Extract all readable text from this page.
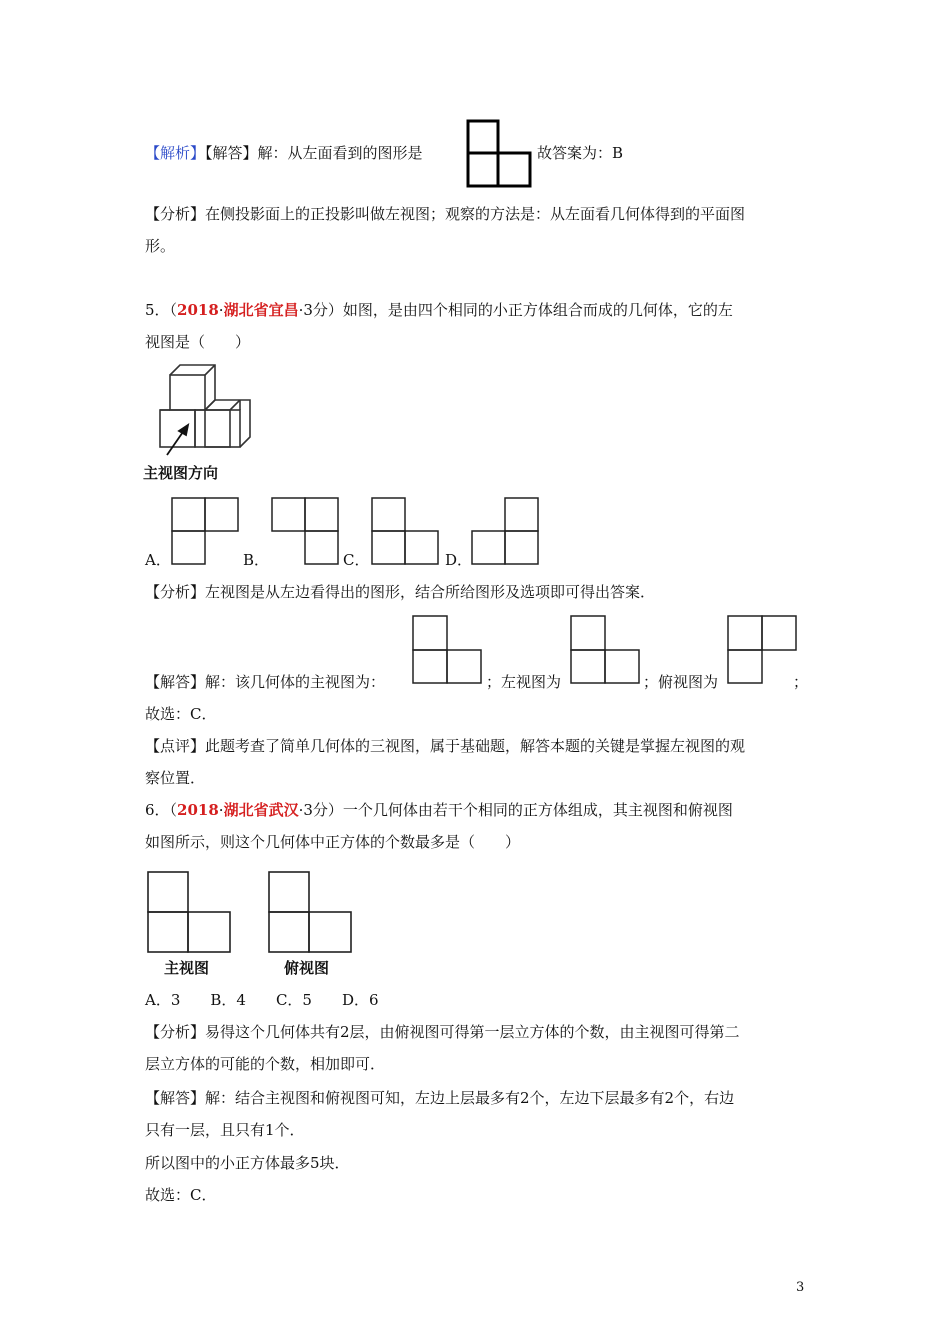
【解析】【解答】解：从左面看到的图形是	故答案为：B
【分析】在侧投影面上的正投影叫做左视图；观察的方法是：从左面看几何体得到的平面图
形。
5．（2018·湖北省宜昌·3分）如图，是由四个相同的小正方体组合而成的几何体，它的左
视图是（　　）
主视图方向
A．	B．	C．	D．
【分析】左视图是从左边看得出的图形，结合所给图形及选项即可得出答案．
【解答】解：该几何体的主视图为：	；左视图为	；俯视图为	；
故选：C．
【点评】此题考查了简单几何体的三视图，属于基础题，解答本题的关键是掌握左视图的观
察位置．
6．（2018·湖北省武汉·3分）一个几何体由若干个相同的正方体组成，其主视图和俯视图
如图所示，则这个几何体中正方体的个数最多是（　　）
主视图	俯视图
A．3　　B．4　　C．5　　D．6
【分析】易得这个几何体共有2层，由俯视图可得第一层立方体的个数，由主视图可得第二
层立方体的可能的个数，相加即可．
【解答】解：结合主视图和俯视图可知，左边上层最多有2个，左边下层最多有2个，右边
只有一层，且只有1个．
所以图中的小正方体最多5块．
故选：C．
3
